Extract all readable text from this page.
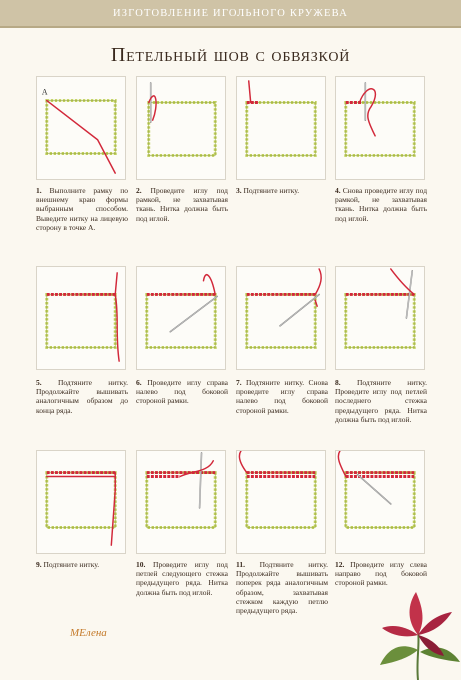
ИЗГОТОВЛЕНИЕ ИГОЛЬНОГО КРУЖЕВА
Петельный шов с обвязкой
A
1. Выполните рамку по внешнему краю формы выбранным способом. Выведите нитку на лицевую сторону в точке А.
2. Проведите иглу под рамкой, не захватывая ткань. Нитка должна быть под иглой.
3. Подтяните нитку.	4. Снова проведите иглу под рамкой, не захватывая ткань. Нитка должна быть под иглой.
5. Подтяните нитку. Продолжайте вышивать аналогичным образом до конца ряда.
6. Проведите иглу справа налево под боковой стороной рамки.
7. Подтяните нитку. Снова проведите иглу справа налево под боковой стороной рамки.
8. Подтяните нитку. Проведите иглу под петлей последнего стежка предыдущего ряда. Нитка должна быть под иглой.
9. Подтяните нитку.	10. Проведите иглу под петлей следующего стежка предыдущего ряда. Нитка должна быть под иглой.
11. Подтяните нитку. Продолжайте вышивать поперек ряда аналогичным образом, захватывая стежком каждую петлю предыдущего ряда.
12. Проведите иглу слева направо под боковой стороной рамки.
МЕлена
